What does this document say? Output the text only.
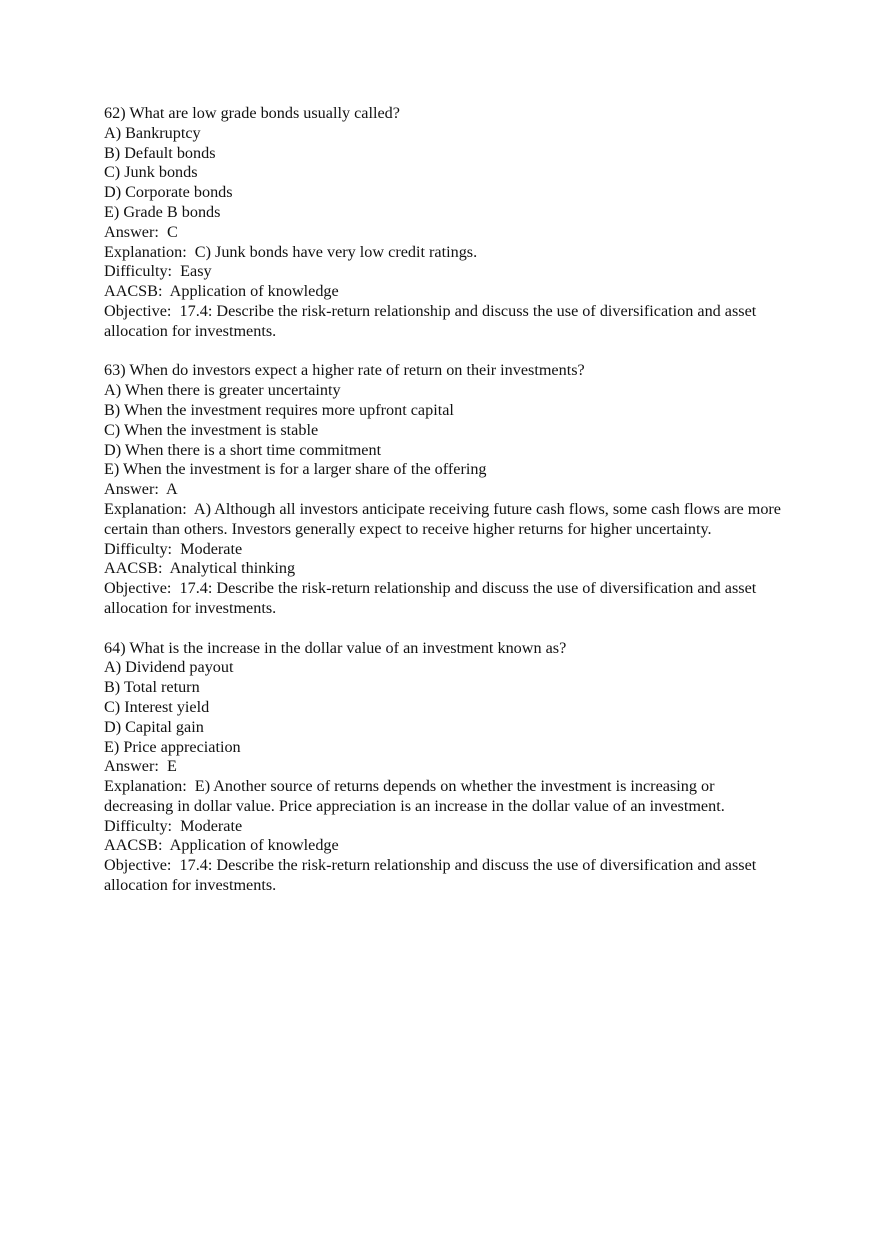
62) What are low grade bonds usually called?
A) Bankruptcy
B) Default bonds
C) Junk bonds
D) Corporate bonds
E) Grade B bonds
Answer:  C
Explanation:  C) Junk bonds have very low credit ratings.
Difficulty:  Easy
AACSB:  Application of knowledge
Objective:  17.4: Describe the risk-return relationship and discuss the use of diversification and asset allocation for investments.
63) When do investors expect a higher rate of return on their investments?
A) When there is greater uncertainty
B) When the investment requires more upfront capital
C) When the investment is stable
D) When there is a short time commitment
E) When the investment is for a larger share of the offering
Answer:  A
Explanation:  A) Although all investors anticipate receiving future cash flows, some cash flows are more certain than others. Investors generally expect to receive higher returns for higher uncertainty.
Difficulty:  Moderate
AACSB:  Analytical thinking
Objective:  17.4: Describe the risk-return relationship and discuss the use of diversification and asset allocation for investments.
64) What is the increase in the dollar value of an investment known as?
A) Dividend payout
B) Total return
C) Interest yield
D) Capital gain
E) Price appreciation
Answer:  E
Explanation:  E) Another source of returns depends on whether the investment is increasing or decreasing in dollar value. Price appreciation is an increase in the dollar value of an investment.
Difficulty:  Moderate
AACSB:  Application of knowledge
Objective:  17.4: Describe the risk-return relationship and discuss the use of diversification and asset allocation for investments.
